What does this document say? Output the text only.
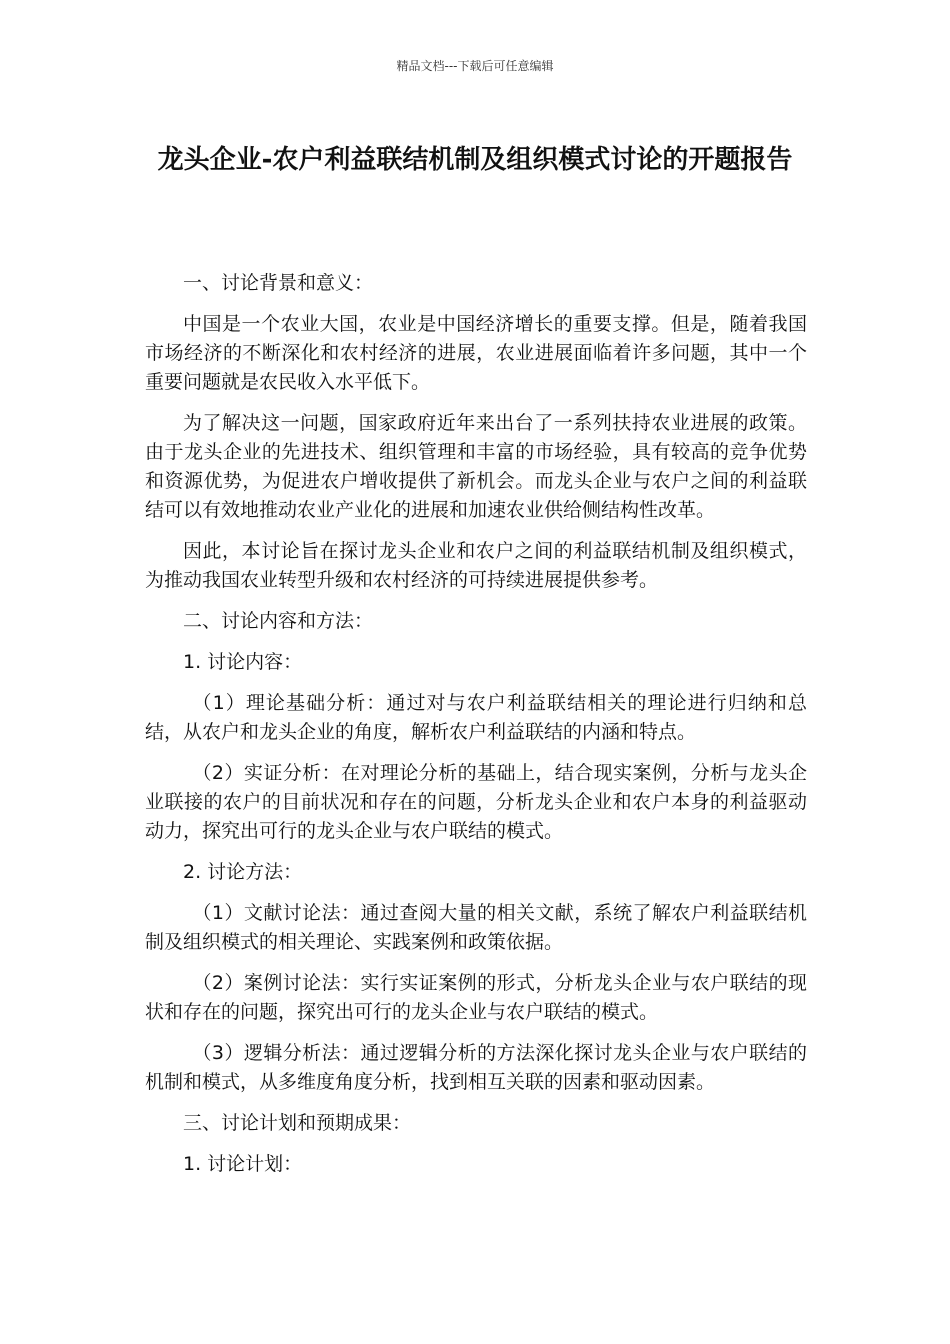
精品文档---下载后可任意编辑
龙头企业-农户利益联结机制及组织模式讨论的开题报告

一、讨论背景和意义：

中国是一个农业大国，农业是中国经济增长的重要支撑。但是，随着我国市场经济的不断深化和农村经济的进展，农业进展面临着许多问题，其中一个重要问题就是农民收入水平低下。

为了解决这一问题，国家政府近年来出台了一系列扶持农业进展的政策。由于龙头企业的先进技术、组织管理和丰富的市场经验，具有较高的竞争优势和资源优势，为促进农户增收提供了新机会。而龙头企业与农户之间的利益联结可以有效地推动农业产业化的进展和加速农业供给侧结构性改革。

因此，本讨论旨在探讨龙头企业和农户之间的利益联结机制及组织模式，为推动我国农业转型升级和农村经济的可持续进展提供参考。

二、讨论内容和方法：

1. 讨论内容：

（1）理论基础分析：通过对与农户利益联结相关的理论进行归纳和总结，从农户和龙头企业的角度，解析农户利益联结的内涵和特点。

（2）实证分析：在对理论分析的基础上，结合现实案例，分析与龙头企业联接的农户的目前状况和存在的问题，分析龙头企业和农户本身的利益驱动动力，探究出可行的龙头企业与农户联结的模式。

2. 讨论方法：

（1）文献讨论法：通过查阅大量的相关文献，系统了解农户利益联结机制及组织模式的相关理论、实践案例和政策依据。

（2）案例讨论法：实行实证案例的形式，分析龙头企业与农户联结的现状和存在的问题，探究出可行的龙头企业与农户联结的模式。

（3）逻辑分析法：通过逻辑分析的方法深化探讨龙头企业与农户联结的机制和模式，从多维度角度分析，找到相互关联的因素和驱动因素。

三、讨论计划和预期成果：

1. 讨论计划：
